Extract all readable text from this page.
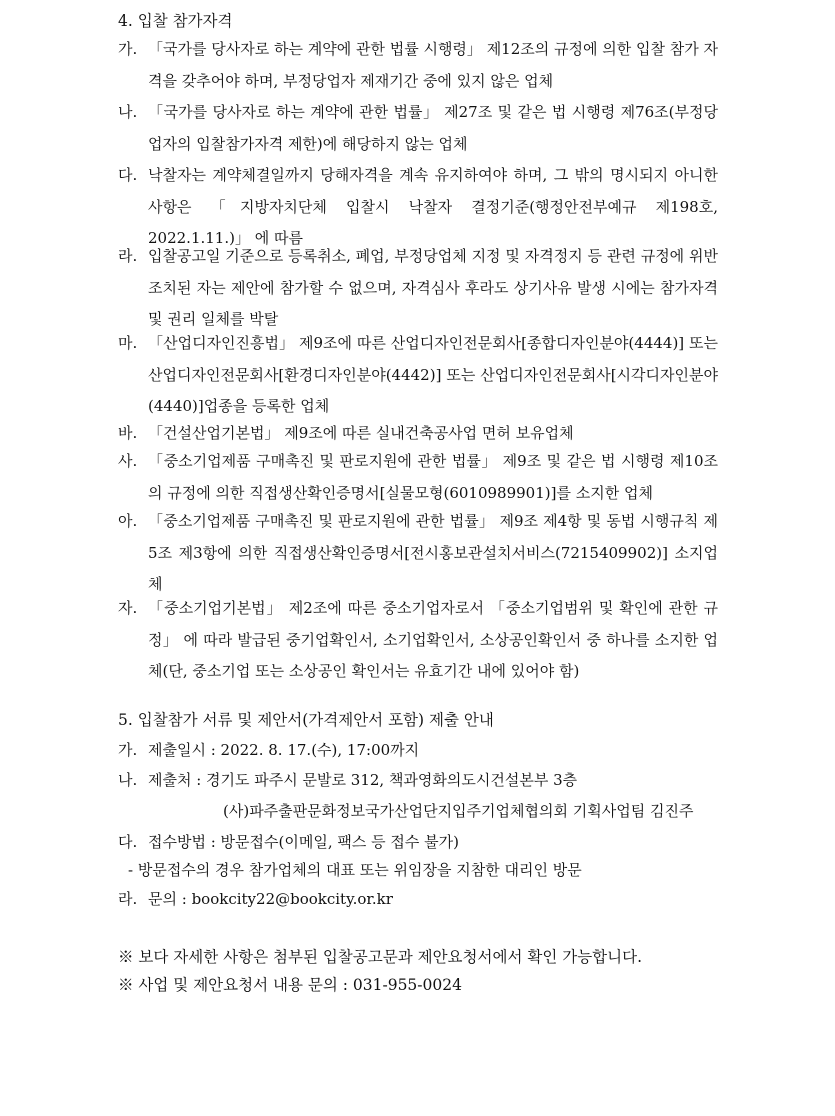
4. 입찰 참가자격
가. 「국가를 당사자로 하는 계약에 관한 법률 시행령」 제12조의 규정에 의한 입찰 참가 자격을 갖추어야 하며, 부정당업자 제재기간 중에 있지 않은 업체
나. 「국가를 당사자로 하는 계약에 관한 법률」 제27조 및 같은 법 시행령 제76조(부정당업자의 입찰참가자격 제한)에 해당하지 않는 업체
다. 낙찰자는 계약체결일까지 당해자격을 계속 유지하여야 하며, 그 밖의 명시되지 아니한 사항은 「지방자치단체 입찰시 낙찰자 결정기준(행정안전부예규 제198호, 2022.1.11.)」 에 따름
라. 입찰공고일 기준으로 등록취소, 폐업, 부정당업체 지정 및 자격정지 등 관련 규정에 위반 조치된 자는 제안에 참가할 수 없으며, 자격심사 후라도 상기사유 발생 시에는 참가자격 및 권리 일체를 박탈
마. 「산업디자인진흥법」 제9조에 따른 산업디자인전문회사[종합디자인분야(4444)] 또는 산업디자인전문회사[환경디자인분야(4442)] 또는 산업디자인전문회사[시각디자인분야(4440)]업종을 등록한 업체
바. 「건설산업기본법」 제9조에 따른 실내건축공사업 면허 보유업체
사. 「중소기업제품 구매촉진 및 판로지원에 관한 법률」 제9조 및 같은 법 시행령 제10조의 규정에 의한 직접생산확인증명서[실물모형(6010989901)]를 소지한 업체
아. 「중소기업제품 구매촉진 및 판로지원에 관한 법률」 제9조 제4항 및 동법 시행규칙 제5조 제3항에 의한 직접생산확인증명서[전시홍보관설치서비스(7215409902)] 소지업체
자. 「중소기업기본법」 제2조에 따른 중소기업자로서 「중소기업범위 및 확인에 관한 규정」 에 따라 발급된 중기업확인서, 소기업확인서, 소상공인확인서 중 하나를 소지한 업체(단, 중소기업 또는 소상공인 확인서는 유효기간 내에 있어야 함)
5. 입찰참가 서류 및 제안서(가격제안서 포함) 제출 안내
가. 제출일시 : 2022. 8. 17.(수), 17:00까지
나. 제출처 : 경기도 파주시 문발로 312, 책과영화의도시건설본부 3층
(사)파주출판문화정보국가산업단지입주기업체협의회 기획사업팀 김진주
다. 접수방법 : 방문접수(이메일, 팩스 등 접수 불가)
- 방문접수의 경우 참가업체의 대표 또는 위임장을 지참한 대리인 방문
라. 문의 : bookcity22@bookcity.or.kr
※ 보다 자세한 사항은 첨부된 입찰공고문과 제안요청서에서 확인 가능합니다.
※ 사업 및 제안요청서 내용 문의 : 031-955-0024
